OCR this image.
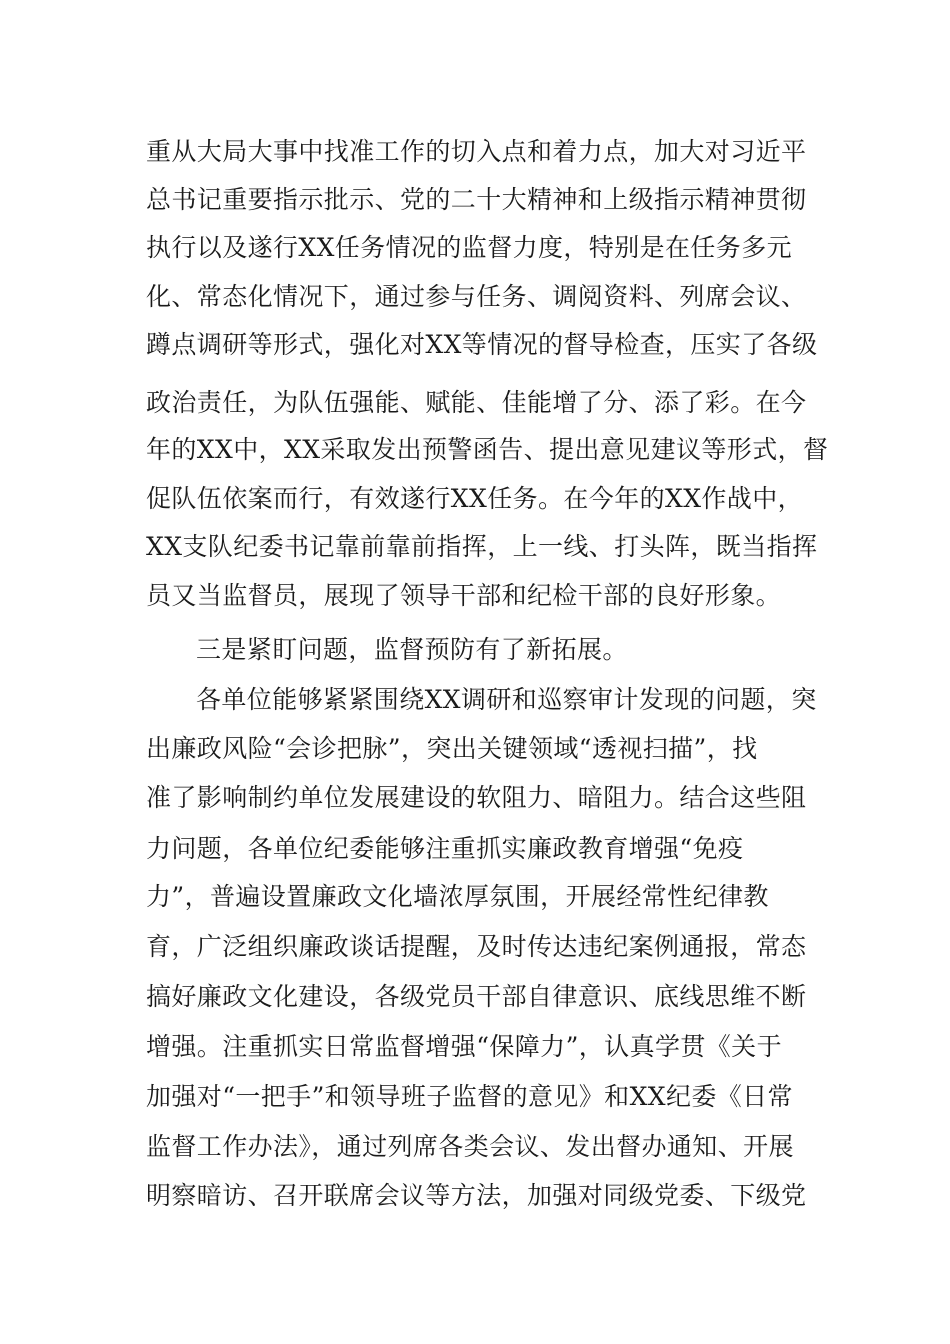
重从大局大事中找准工作的切入点和着力点，加大对习近平
总书记重要指示批示、党的二十大精神和上级指示精神贯彻
执行以及遂行XX任务情况的监督力度，特别是在任务多元
化、常态化情况下，通过参与任务、调阅资料、列席会议、
蹲点调研等形式，强化对XX等情况的督导检查，压实了各级
政治责任，为队伍强能、赋能、佳能增了分、添了彩。在今
年的XX中，XX采取发出预警函告、提出意见建议等形式，督
促队伍依案而行，有效遂行XX任务。在今年的XX作战中，
XX支队纪委书记靠前靠前指挥，上一线、打头阵，既当指挥
员又当监督员，展现了领导干部和纪检干部的良好形象。
三是紧盯问题，监督预防有了新拓展。
各单位能够紧紧围绕XX调研和巡察审计发现的问题，突
出廉政风险“会诊把脉”，突出关键领域“透视扫描”，找
准了影响制约单位发展建设的软阻力、暗阻力。结合这些阻
力问题，各单位纪委能够注重抓实廉政教育增强“免疫
力”，普遍设置廉政文化墙浓厚氛围，开展经常性纪律教
育，广泛组织廉政谈话提醒，及时传达违纪案例通报，常态
搞好廉政文化建设，各级党员干部自律意识、底线思维不断
增强。注重抓实日常监督增强“保障力”，认真学贯《关于
加强对“一把手”和领导班子监督的意见》和XX纪委《日常
监督工作办法》，通过列席各类会议、发出督办通知、开展
明察暗访、召开联席会议等方法，加强对同级党委、下级党
